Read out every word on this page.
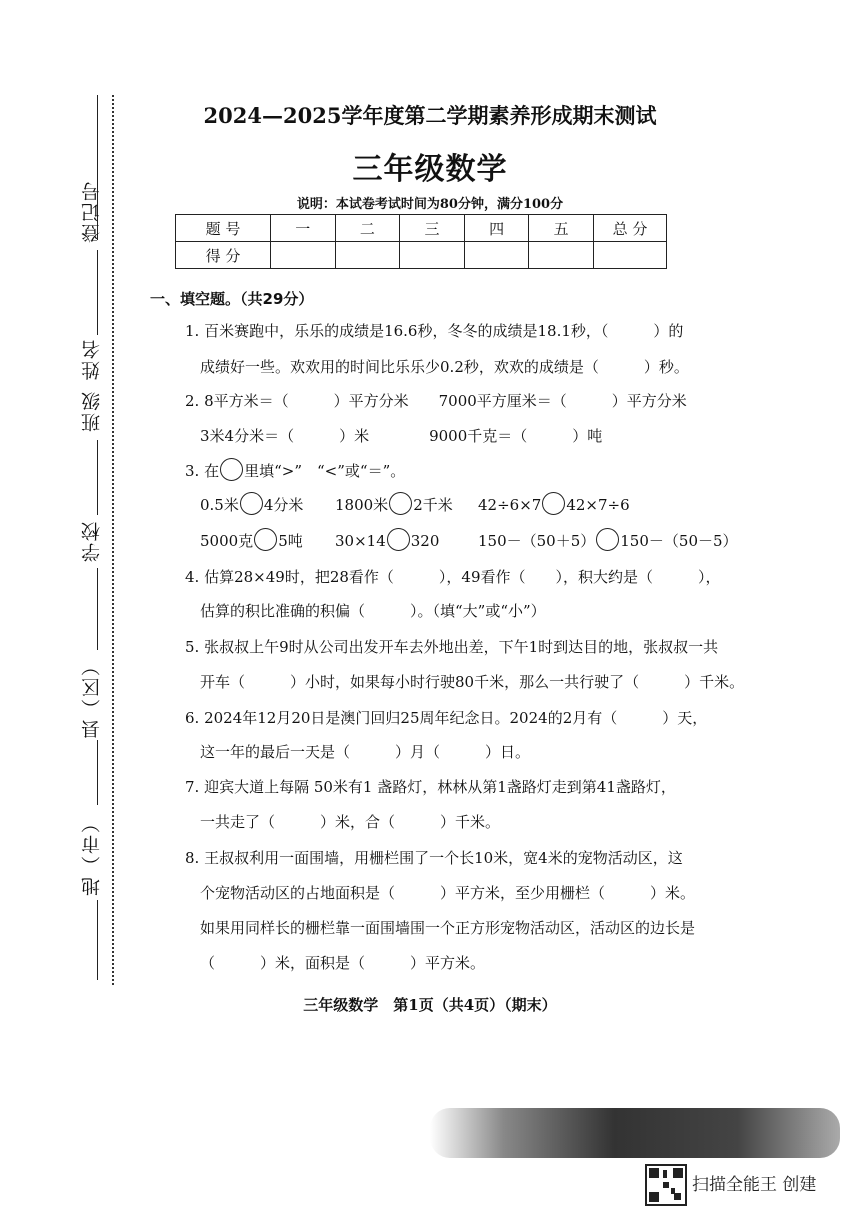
登记号
姓名
班级
学校
县（区）
地（市）
2024—2025学年度第二学期素养形成期末测试
三年级数学
说明：本试卷考试时间为80分钟，满分100分
题 号	一	二	三	四	五	总 分
得 分						
一、填空题。（共29分）
1. 百米赛跑中，乐乐的成绩是16.6秒，冬冬的成绩是18.1秒，（　　　）的
成绩好一些。欢欢用的时间比乐乐少0.2秒，欢欢的成绩是（　　　）秒。
2. 8平方米＝（　　　）平方分米　　7000平方厘米＝（　　　）平方分米
3米4分米＝（　　　）米　　　　9000千克＝（　　　）吨
3. 在 里填“>”　“<”或“＝”。
0.5米 4分米 1800米 2千米 42÷6×7 42×7÷6
5000克 5吨 30×14 320	150－（50＋5） 150－（50－5）
4. 估算28×49时，把28看作（　　　），49看作（　　），积大约是（　　　），
估算的积比准确的积偏（　　　）。（填“大”或“小”）
5. 张叔叔上午9时从公司出发开车去外地出差，下午1时到达目的地，张叔叔一共
开车（　　　）小时，如果每小时行驶80千米，那么一共行驶了（　　　）千米。
6. 2024年12月20日是澳门回归25周年纪念日。2024的2月有（　　　）天，
这一年的最后一天是（　　　）月（　　　）日。
7. 迎宾大道上每隔 50米有1 盏路灯，林林从第1盏路灯走到第41盏路灯，
一共走了（　　　）米，合（　　　）千米。
8. 王叔叔利用一面围墙，用栅栏围了一个长10米，宽4米的宠物活动区，这
个宠物活动区的占地面积是（　　　）平方米，至少用栅栏（　　　）米。
如果用同样长的栅栏靠一面围墙围一个正方形宠物活动区，活动区的边长是
（　　　）米，面积是（　　　）平方米。
三年级数学　第1页（共4页）（期末）
扫描全能王 创建
